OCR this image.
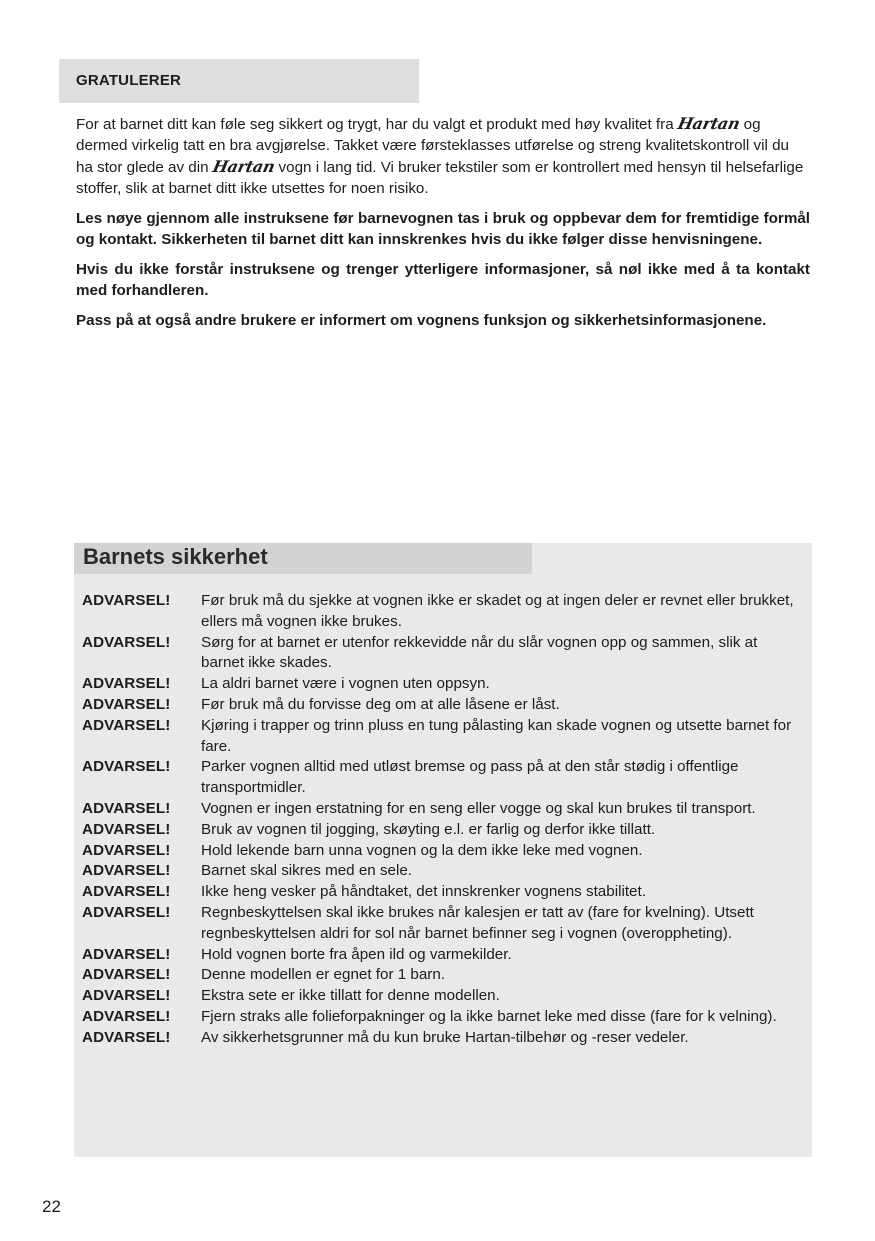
GRATULERER

For at barnet ditt kan føle seg sikkert og trygt, har du valgt et produkt med høy kvalitet fra Hartan og dermed virkelig tatt en bra avgjørelse. Takket være førsteklasses utførelse og streng kvalitetskontroll vil du ha stor glede av din Hartan vogn i lang tid. Vi bruker tekstiler som er kontrollert med hensyn til helsefarlige stoffer, slik at barnet ditt ikke utsettes for noen risiko.

Les nøye gjennom alle instruksene før barnevognen tas i bruk og oppbevar dem for fremtidige formål og kontakt. Sikkerheten til barnet ditt kan innskrenkes hvis du ikke følger disse henvisningene.

Hvis du ikke forstår instruksene og trenger ytterligere informasjoner, så nøl ikke med å ta kontakt med forhandleren.

Pass på at også andre brukere er informert om vognens funksjon og sikkerhetsinformasjonene.

Barnets sikkerhet
ADVARSEL!	Før bruk må du sjekke at vognen ikke er skadet og at ingen deler er revnet eller brukket, ellers må vognen ikke brukes.
ADVARSEL!	Sørg for at barnet er utenfor rekkevidde når du slår vognen opp og sammen, slik at barnet ikke skades.
ADVARSEL!	La aldri barnet være i vognen uten oppsyn.
ADVARSEL!	Før bruk må du forvisse deg om at alle låsene er låst.
ADVARSEL!	Kjøring i trapper og trinn pluss en tung pålasting kan skade vognen og utsette barnet for fare.
ADVARSEL!	Parker vognen alltid med utløst bremse og pass på at den står stødig i offentlige transportmidler.
ADVARSEL!	Vognen er ingen erstatning for en seng eller vogge og skal kun brukes til transport.
ADVARSEL!	Bruk av vognen til jogging, skøyting e.l. er farlig og derfor ikke tillatt.
ADVARSEL!	Hold lekende barn unna vognen og la dem ikke leke med vognen.
ADVARSEL!	Barnet skal sikres med en sele.
ADVARSEL!	Ikke heng vesker på håndtaket, det innskrenker vognens stabilitet.
ADVARSEL!	Regnbeskyttelsen skal ikke brukes når kalesjen er tatt av (fare for kvelning). Utsett regnbeskyttelsen aldri for sol når barnet befinner seg i vognen (overoppheting).
ADVARSEL!	Hold vognen borte fra åpen ild og varmekilder.
ADVARSEL!	Denne modellen er egnet for 1 barn.
ADVARSEL!	Ekstra sete er ikke tillatt for denne modellen.
ADVARSEL!	Fjern straks alle folieforpakninger og la ikke barnet leke med disse (fare for k velning).
ADVARSEL!	Av sikkerhetsgrunner må du kun bruke Hartan-tilbehør og -reser vedeler.
22
